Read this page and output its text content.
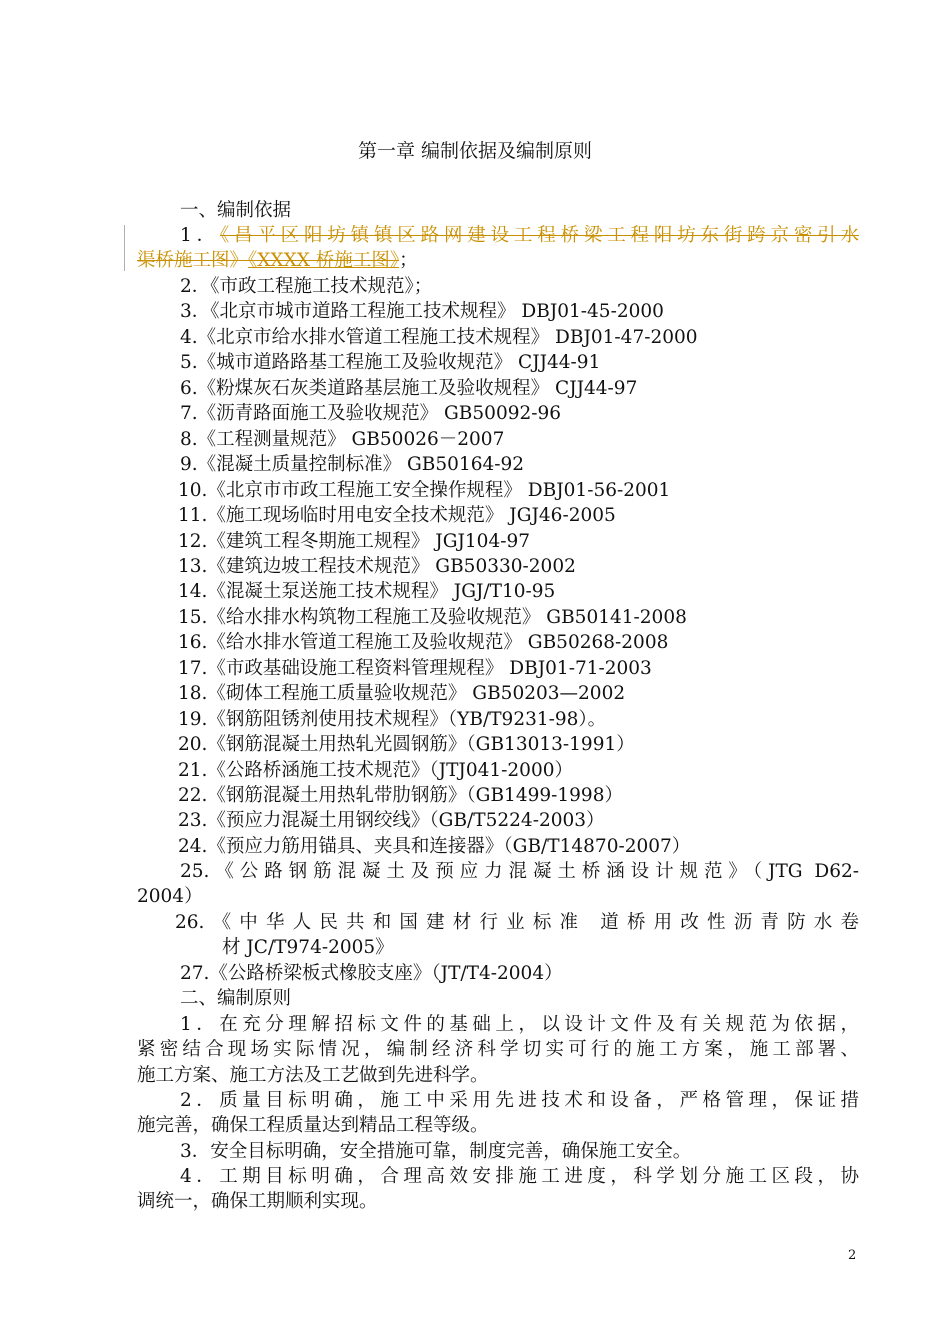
第一章 编制依据及编制原则
一、编制依据
1．《昌平区阳坊镇镇区路网建设工程桥梁工程阳坊东街跨京密引水
渠桥施工图》《XXXX 桥施工图》；
2．《市政工程施工技术规范》；
3．《北京市城市道路工程施工技术规程》 DBJ01-45-2000
4.《北京市给水排水管道工程施工技术规程》 DBJ01-47-2000
5.《城市道路路基工程施工及验收规范》 CJJ44-91
6.《粉煤灰石灰类道路基层施工及验收规程》 CJJ44-97
7.《沥青路面施工及验收规范》 GB50092-96
8.《工程测量规范》 GB50026－2007
9.《混凝土质量控制标准》 GB50164-92
10.《北京市市政工程施工安全操作规程》 DBJ01-56-2001
11.《施工现场临时用电安全技术规范》 JGJ46-2005
12.《建筑工程冬期施工规程》 JGJ104-97
13.《建筑边坡工程技术规范》 GB50330-2002
14.《混凝土泵送施工技术规程》 JGJ/T10-95
15.《给水排水构筑物工程施工及验收规范》 GB50141-2008
16.《给水排水管道工程施工及验收规范》 GB50268-2008
17.《市政基础设施工程资料管理规程》 DBJ01-71-2003
18.《砌体工程施工质量验收规范》 GB50203—2002
19.《钢筋阻锈剂使用技术规程》（YB/T9231-98）。
20.《钢筋混凝土用热轧光圆钢筋》（GB13013-1991）
21.《公路桥涵施工技术规范》（JTJ041-2000）
22.《钢筋混凝土用热轧带肋钢筋》（GB1499-1998）
23.《预应力混凝土用钢绞线》（GB/T5224-2003）
24.《预应力筋用锚具、夹具和连接器》（GB/T14870-2007）
25.《公路钢筋混凝土及预应力混凝土桥涵设计规范》（JTG D62-
2004）
26.《中华人民共和国建材行业标准 道桥用改性沥青防水卷
材 JC/T974-2005》
27.《公路桥梁板式橡胶支座》（JT/T4-2004）
二、编制原则
1．在充分理解招标文件的基础上，以设计文件及有关规范为依据，
紧密结合现场实际情况，编制经济科学切实可行的施工方案，施工部署、
施工方案、施工方法及工艺做到先进科学。
2．质量目标明确，施工中采用先进技术和设备，严格管理，保证措
施完善，确保工程质量达到精品工程等级。
3．安全目标明确，安全措施可靠，制度完善，确保施工安全。
4．工期目标明确，合理高效安排施工进度，科学划分施工区段，协
调统一，确保工期顺利实现。
2
